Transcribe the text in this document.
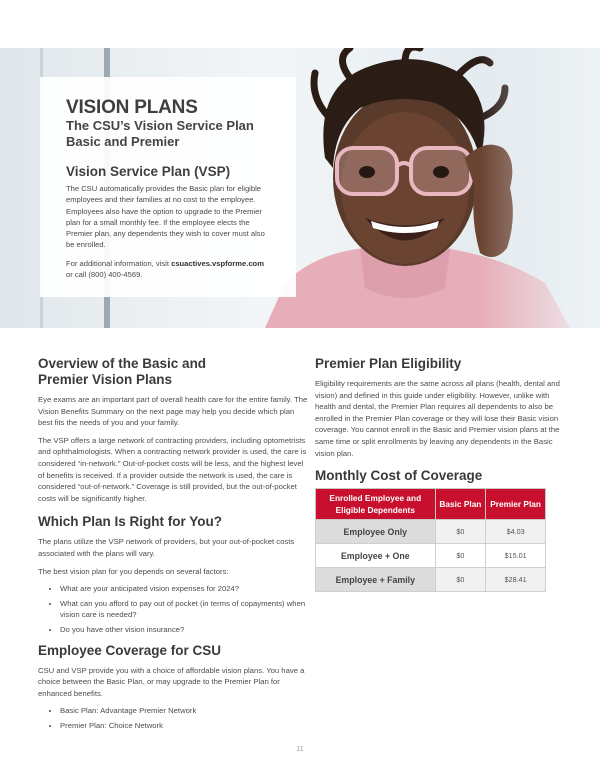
VISION PLANS
The CSU’s Vision Service Plan
Basic and Premier
Vision Service Plan (VSP)

The CSU automatically provides the Basic plan for eligible employees and their families at no cost to the employee. Employees also have the option to upgrade to the Premier plan for a small monthly fee. If the employee elects the Premier plan, any dependents they wish to cover must also be enrolled.

For additional information, visit csuactives.vspforme.com or call (800) 400-4569.

Overview of the Basic and
Premier Vision Plans

Eye exams are an important part of overall health care for the entire family. The Vision Benefits Summary on the next page may help you decide which plan best fits the needs of you and your family.

The VSP offers a large network of contracting providers, including optometrists and ophthalmologists. When a contracting network provider is used, the care is considered “in-network.” Out-of-pocket costs will be less, and the highest level of benefits is received. If a provider outside the network is used, the care is considered “out-of-network.” Coverage is still provided, but the out-of-pocket costs will be significantly higher.

Which Plan Is Right for You?

The plans utilize the VSP network of providers, but your out-of-pocket costs associated with the plans will vary.

The best vision plan for you depends on several factors:

• What are your anticipated vision expenses for 2024?
• What can you afford to pay out of pocket (in terms of copayments) when vision care is needed?
• Do you have other vision insurance?
Employee Coverage for CSU

CSU and VSP provide you with a choice of affordable vision plans. You have a choice between the Basic Plan, or may upgrade to the Premier Plan for enhanced benefits.

• Basic Plan: Advantage Premier Network
• Premier Plan: Choice Network
Premier Plan Eligibility

Eligibility requirements are the same across all plans (health, dental and vision) and defined in this guide under eligibility. However, unlike with health and dental, the Premier Plan requires all dependents to also be enrolled in the Premier Plan coverage or they will lose their Basic vision coverage. You cannot enroll in the Basic and Premier vision plans at the same time or split enrollments by leaving any dependents in the Basic vision plan.

Monthly Cost of Coverage
Enrolled Employee and Eligible Dependents	Basic Plan	Premier Plan
Employee Only	$0	$4.03
Employee + One	$0	$15.01
Employee + Family	$0	$28.41
11
